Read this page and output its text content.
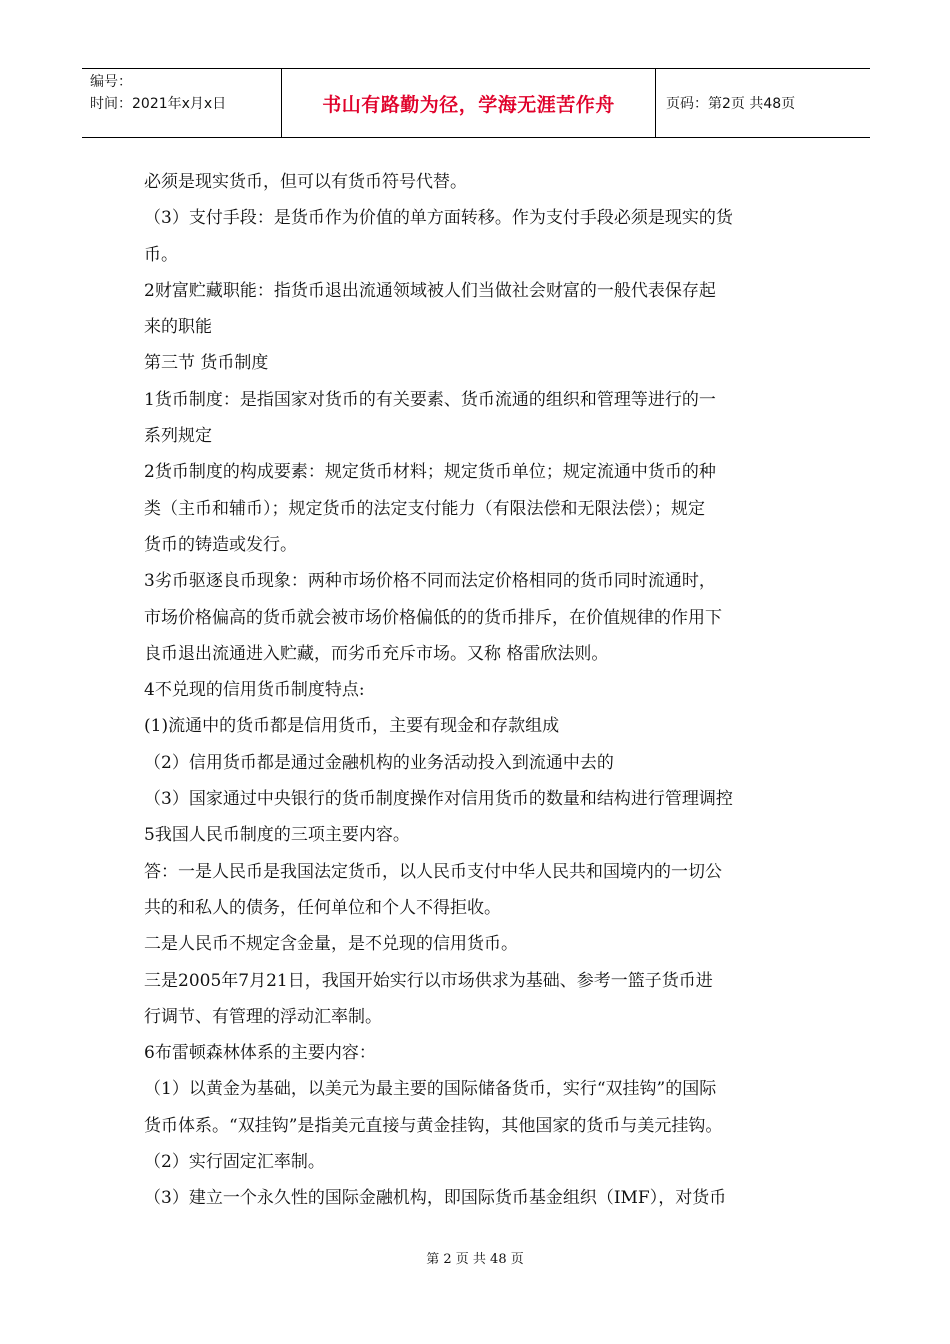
编号：
时间：2021年x月x日	书山有路勤为径，学海无涯苦作舟	页码：第2页 共48页

必须是现实货币，但可以有货币符号代替。

（3）支付手段：是货币作为价值的单方面转移。作为支付手段必须是现实的货

币。

2财富贮藏职能：指货币退出流通领域被人们当做社会财富的一般代表保存起

来的职能

第三节 货币制度

1货币制度：是指国家对货币的有关要素、货币流通的组织和管理等进行的一

系列规定

2货币制度的构成要素：规定货币材料；规定货币单位；规定流通中货币的种

类（主币和辅币）；规定货币的法定支付能力（有限法偿和无限法偿）；规定

货币的铸造或发行。

3劣币驱逐良币现象：两种市场价格不同而法定价格相同的货币同时流通时，

市场价格偏高的货币就会被市场价格偏低的的货币排斥，在价值规律的作用下

良币退出流通进入贮藏，而劣币充斥市场。又称 格雷欣法则。

4不兑现的信用货币制度特点:

(1)流通中的货币都是信用货币，主要有现金和存款组成

（2）信用货币都是通过金融机构的业务活动投入到流通中去的

（3）国家通过中央银行的货币制度操作对信用货币的数量和结构进行管理调控

5我国人民币制度的三项主要内容。

答：一是人民币是我国法定货币，以人民币支付中华人民共和国境内的一切公

共的和私人的债务，任何单位和个人不得拒收。

二是人民币不规定含金量，是不兑现的信用货币。

三是2005年7月21日，我国开始实行以市场供求为基础、参考一篮子货币进

行调节、有管理的浮动汇率制。

6布雷顿森林体系的主要内容：

（1）以黄金为基础，以美元为最主要的国际储备货币，实行“双挂钩”的国际

货币体系。“双挂钩”是指美元直接与黄金挂钩，其他国家的货币与美元挂钩。

（2）实行固定汇率制。

（3）建立一个永久性的国际金融机构，即国际货币基金组织（IMF），对货币

第 2 页 共 48 页
